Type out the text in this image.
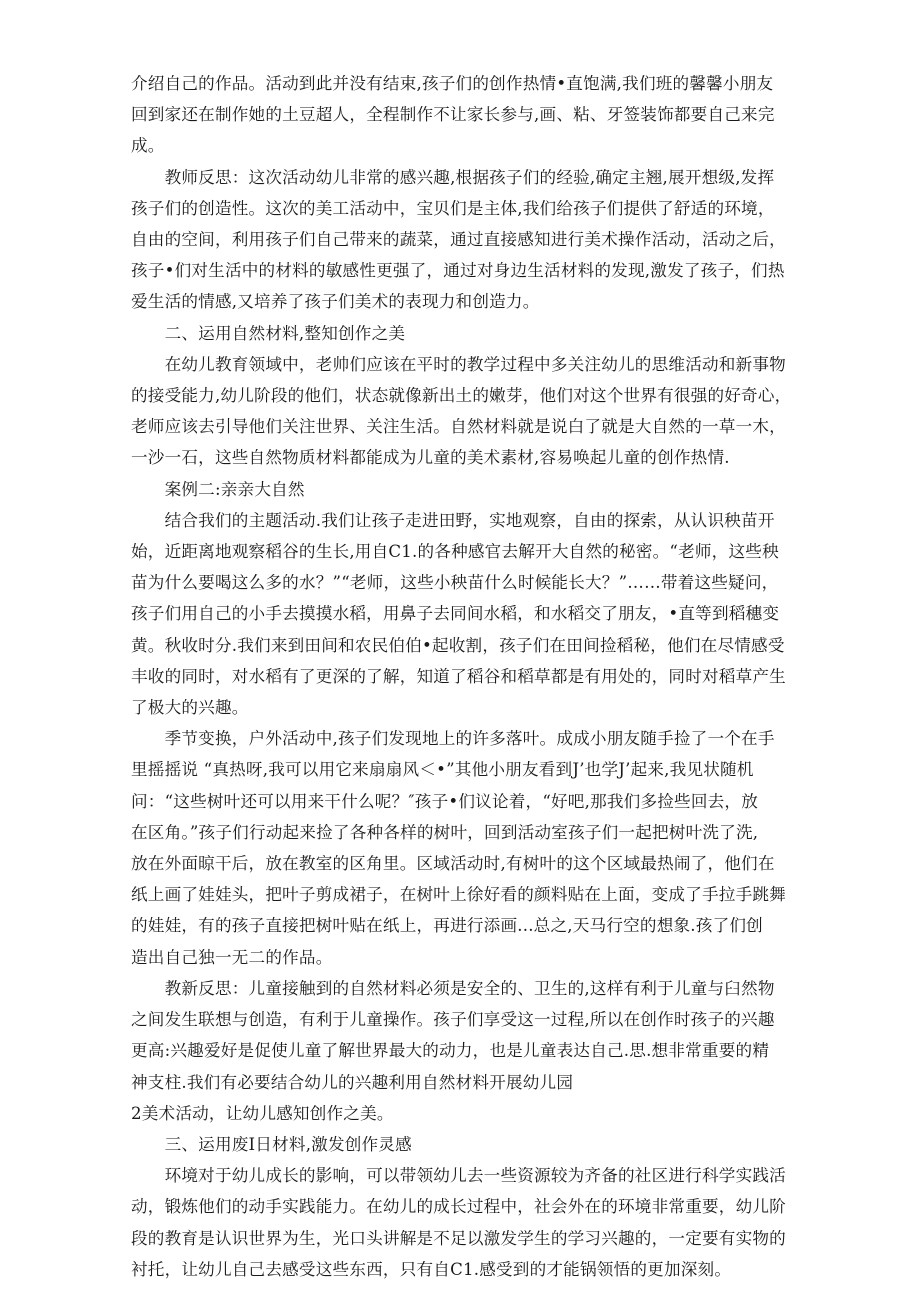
介绍自己的作品。活动到此并没有结束,孩子们的创作热情•直饱满,我们班的馨馨小朋友
回到家还在制作她的土豆超人，全程制作不让家长参与,画、粘、牙签装饰都要自己来完
成。
　　教师反思：这次活动幼儿非常的感兴趣,根据孩子们的经验,确定主翘,展开想级,发挥
孩子们的创造性。这次的美工活动中，宝贝们是主体,我们给孩子们提供了舒适的环境，
自由的空间，利用孩子们自己带来的蔬菜，通过直接感知进行美术操作活动，活动之后，
孩子•们对生活中的材料的敏感性更强了，通过对身边生活材料的发现,激发了孩子，们热
爱生活的情感,又培养了孩子们美术的表现力和创造力。
　　二、运用自然材料,整知创作之美
　　在幼儿教育领域中，老帅们应该在平时的教学过程中多关注幼儿的思维活动和新事物
的接受能力,幼儿阶段的他们，状态就像新出土的嫩芽，他们对这个世界有很强的好奇心，
老师应该去引导他们关注世界、关注生活。自然材料就是说白了就是大自然的一草一木，
一沙一石，这些自然物质材料都能成为儿童的美术素材,容易唤起儿童的创作热情.
　　案例二:亲亲大自然
　　结合我们的主题活动.我们让孩子走进田野，实地观察，自由的探索，从认识秧苗开
始，近距离地观察稻谷的生长,用自C1.的各种感官去解开大自然的秘密。“老师，这些秧
苗为什么要喝这么多的水？”“老师，这些小秧苗什么时候能长大？”……带着这些疑问，
孩子们用自己的小手去摸摸水稻，用鼻子去同间水稻，和水稻交了朋友，•直等到稻穗变
黄。秋收时分.我们来到田间和农民伯伯•起收割，孩子们在田间捡稻秘，他们在尽情感受
丰收的同时，对水稻有了更深的了解，知道了稻谷和稻草都是有用处的，同时对稻草产生
了极大的兴趣。
　　季节变换，户外活动中,孩子们发现地上的许多落叶。成成小朋友随手捡了一个在手
里摇摇说 “真热呀,我可以用它来扇扇风＜•”其他小朋友看到J’也学J’起来,我见状随机
问：“这些树叶还可以用来干什么呢？″孩子•们议论着，“好吧,那我们多捡些回去，放
在区角。”孩子们行动起来捡了各种各样的树叶，回到活动室孩子们一起把树叶洗了洗,
放在外面晾干后，放在教室的区角里。区域活动时,有树叶的这个区域最热闹了，他们在
纸上画了娃娃头，把叶子剪成裙子，在树叶上徐好看的颜料贴在上面，变成了手拉手跳舞
的娃娃，有的孩子直接把树叶贴在纸上，再进行添画...总之,天马行空的想象.孩了们创
造出自己独一无二的作品。
　　教新反思：儿童接触到的自然材料必须是安全的、卫生的,这样有利于儿童与臼然物
之间发生联想与创造，有利于儿童操作。孩子们享受这一过程,所以在创作时孩子的兴趣
更高:兴趣爱好是促使儿童了解世界最大的动力，也是儿童表达自己.思.想非常重要的精
神支柱.我们有必要结合幼儿的兴趣利用自然材料开展幼儿园
2美术活动，让幼儿感知创作之美。
　　三、运用废I日材料,激发创作灵感
　　环境对于幼儿成长的影响，可以带领幼儿去一些资源较为齐备的社区进行科学实践活
动，锻炼他们的动手实践能力。在幼儿的成长过程中，社会外在的环境非常重要，幼儿阶
段的教育是认识世界为生，光口头讲解是不足以激发学生的学习兴趣的，一定要有实物的
衬托，让幼儿自己去感受这些东西，只有自C1.感受到的才能锅领悟的更加深刻。
